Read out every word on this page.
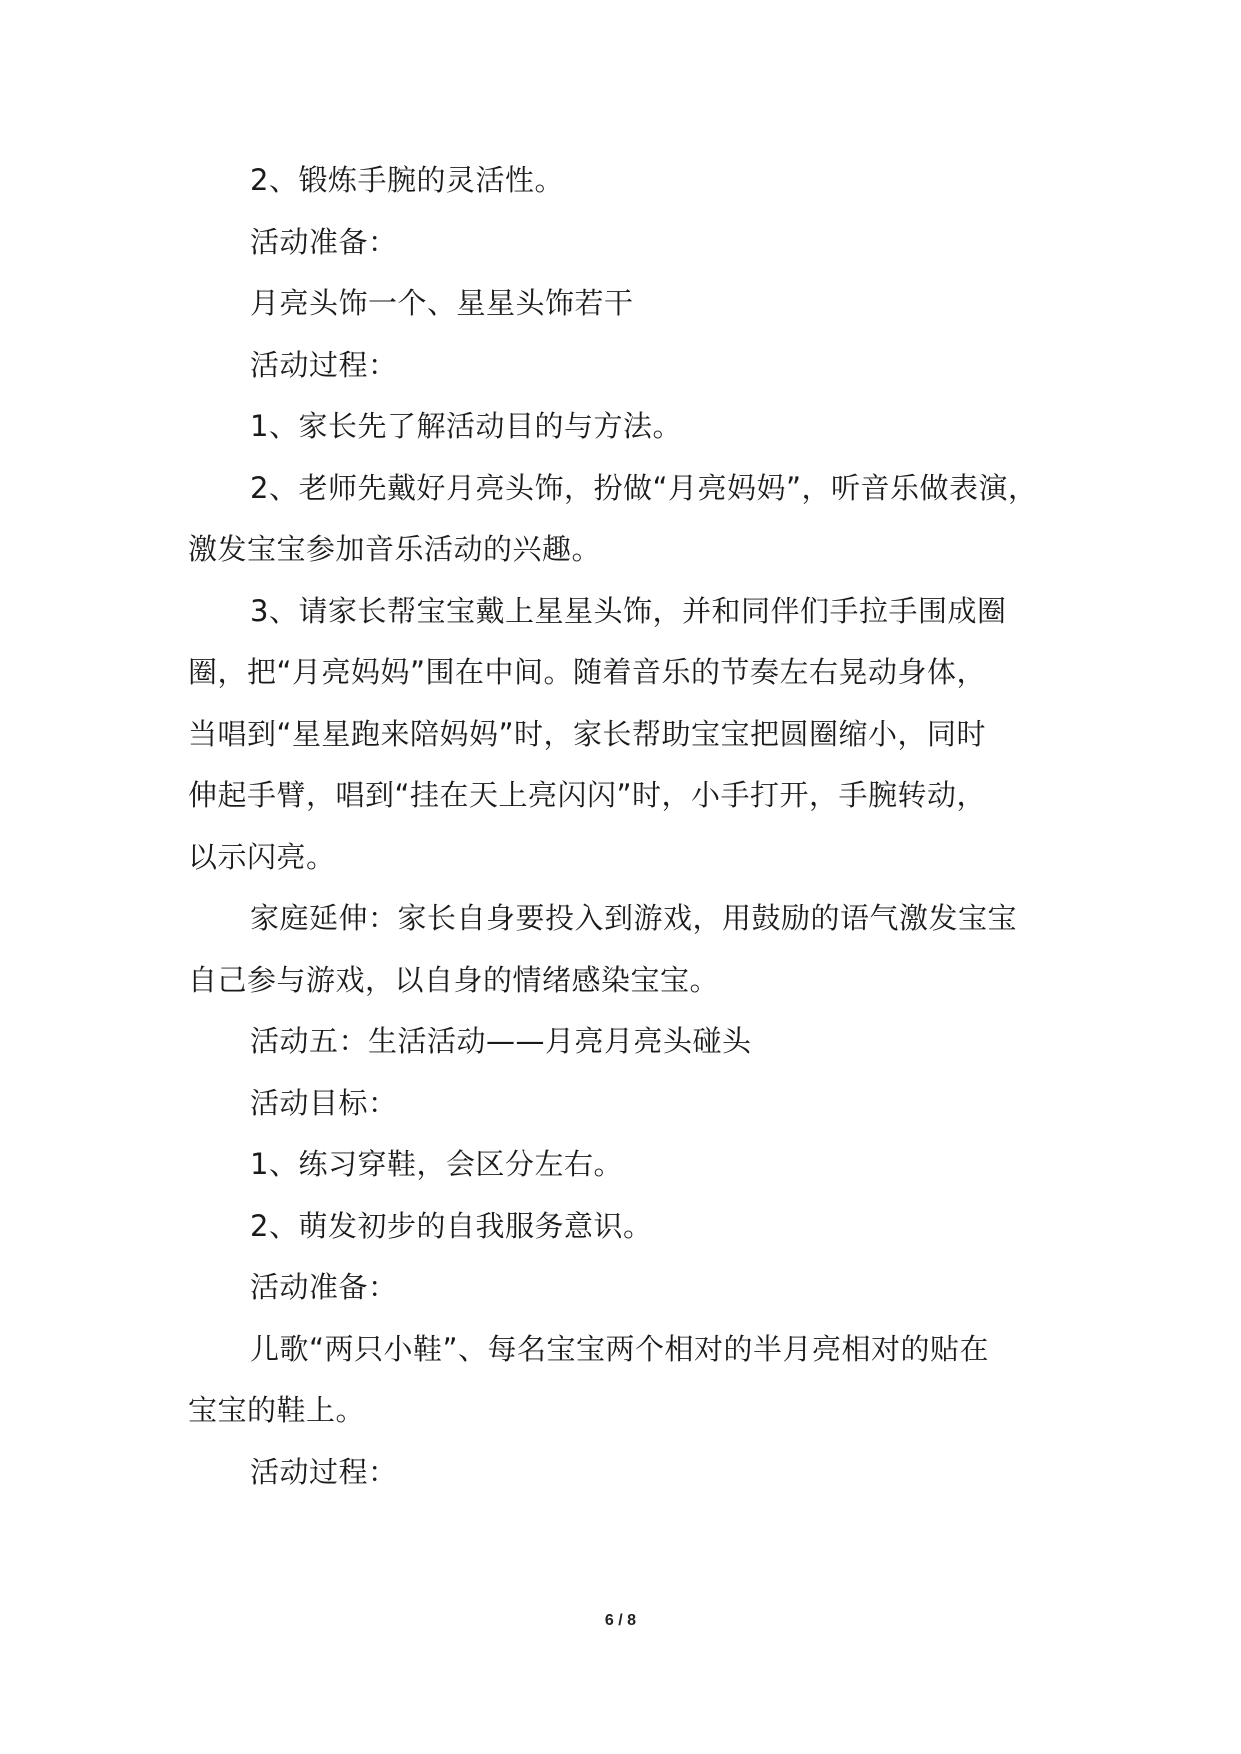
2、锻炼手腕的灵活性。

活动准备：

月亮头饰一个、星星头饰若干

活动过程：

1、家长先了解活动目的与方法。

2、老师先戴好月亮头饰，扮做“月亮妈妈”，听音乐做表演，

激发宝宝参加音乐活动的兴趣。

3、请家长帮宝宝戴上星星头饰，并和同伴们手拉手围成圈

圈，把“月亮妈妈”围在中间。随着音乐的节奏左右晃动身体，

当唱到“星星跑来陪妈妈”时，家长帮助宝宝把圆圈缩小，同时

伸起手臂，唱到“挂在天上亮闪闪”时，小手打开，手腕转动，

以示闪亮。

家庭延伸：家长自身要投入到游戏，用鼓励的语气激发宝宝

自己参与游戏，以自身的情绪感染宝宝。

活动五：生活活动——月亮月亮头碰头

活动目标：

1、练习穿鞋，会区分左右。

2、萌发初步的自我服务意识。

活动准备：

儿歌“两只小鞋”、每名宝宝两个相对的半月亮相对的贴在

宝宝的鞋上。

活动过程：

6 / 8
